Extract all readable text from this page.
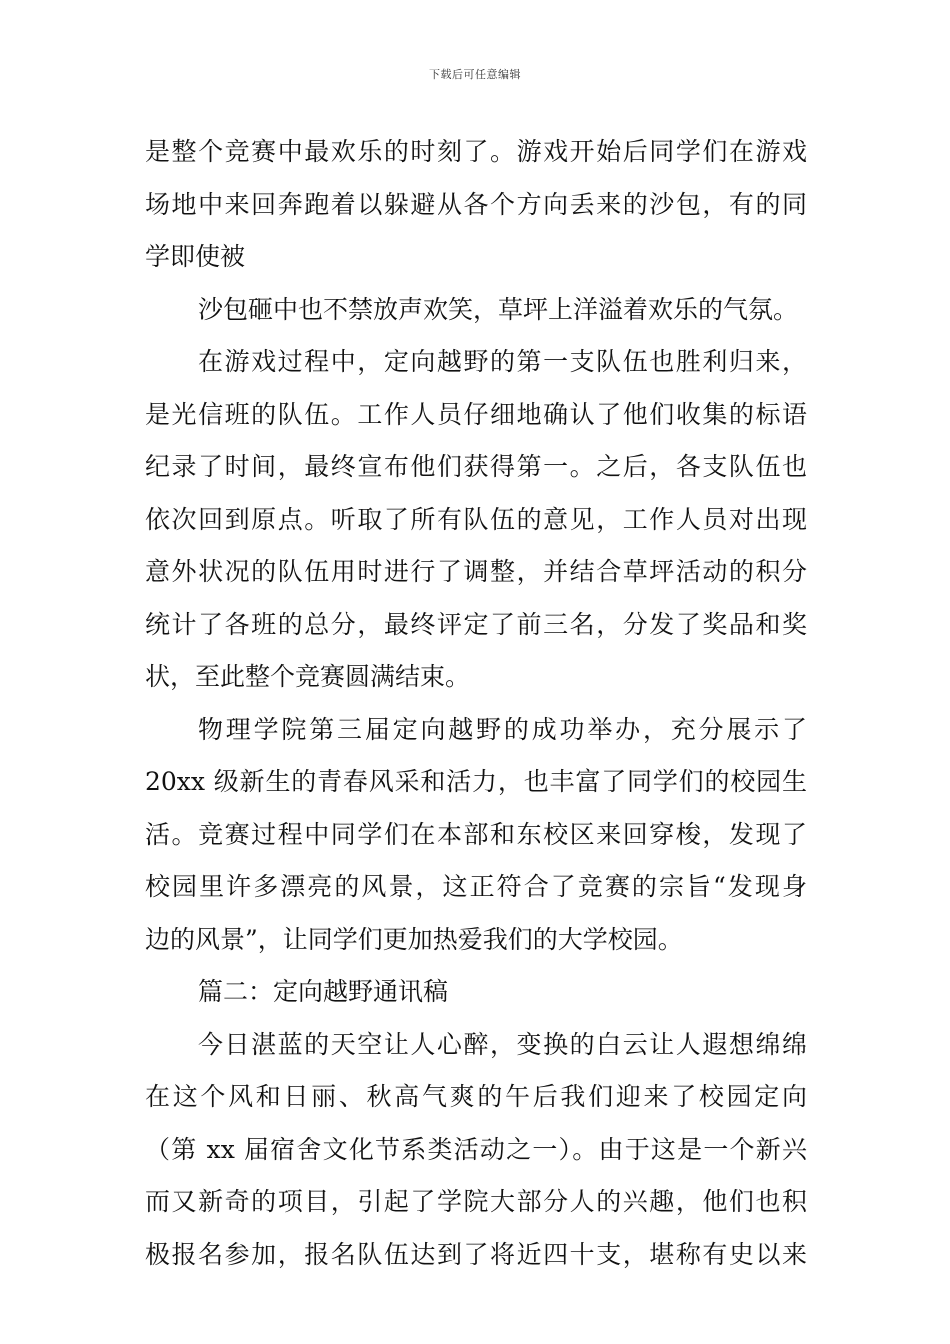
下载后可任意编辑
是整个竞赛中最欢乐的时刻了。游戏开始后同学们在游戏
场地中来回奔跑着以躲避从各个方向丢来的沙包，有的同
学即使被
沙包砸中也不禁放声欢笑，草坪上洋溢着欢乐的气氛。
在游戏过程中，定向越野的第一支队伍也胜利归来，
是光信班的队伍。工作人员仔细地确认了他们收集的标语
纪录了时间，最终宣布他们获得第一。之后，各支队伍也
依次回到原点。听取了所有队伍的意见，工作人员对出现
意外状况的队伍用时进行了调整，并结合草坪活动的积分
统计了各班的总分，最终评定了前三名，分发了奖品和奖
状，至此整个竞赛圆满结束。
物理学院第三届定向越野的成功举办，充分展示了
20xx 级新生的青春风采和活力，也丰富了同学们的校园生
活。竞赛过程中同学们在本部和东校区来回穿梭，发现了
校园里许多漂亮的风景，这正符合了竞赛的宗旨“发现身
边的风景”，让同学们更加热爱我们的大学校园。
篇二：定向越野通讯稿
今日湛蓝的天空让人心醉，变换的白云让人遐想绵绵
在这个风和日丽、秋高气爽的午后我们迎来了校园定向
（第 xx 届宿舍文化节系类活动之一）。由于这是一个新兴
而又新奇的项目，引起了学院大部分人的兴趣，他们也积
极报名参加，报名队伍达到了将近四十支，堪称有史以来
